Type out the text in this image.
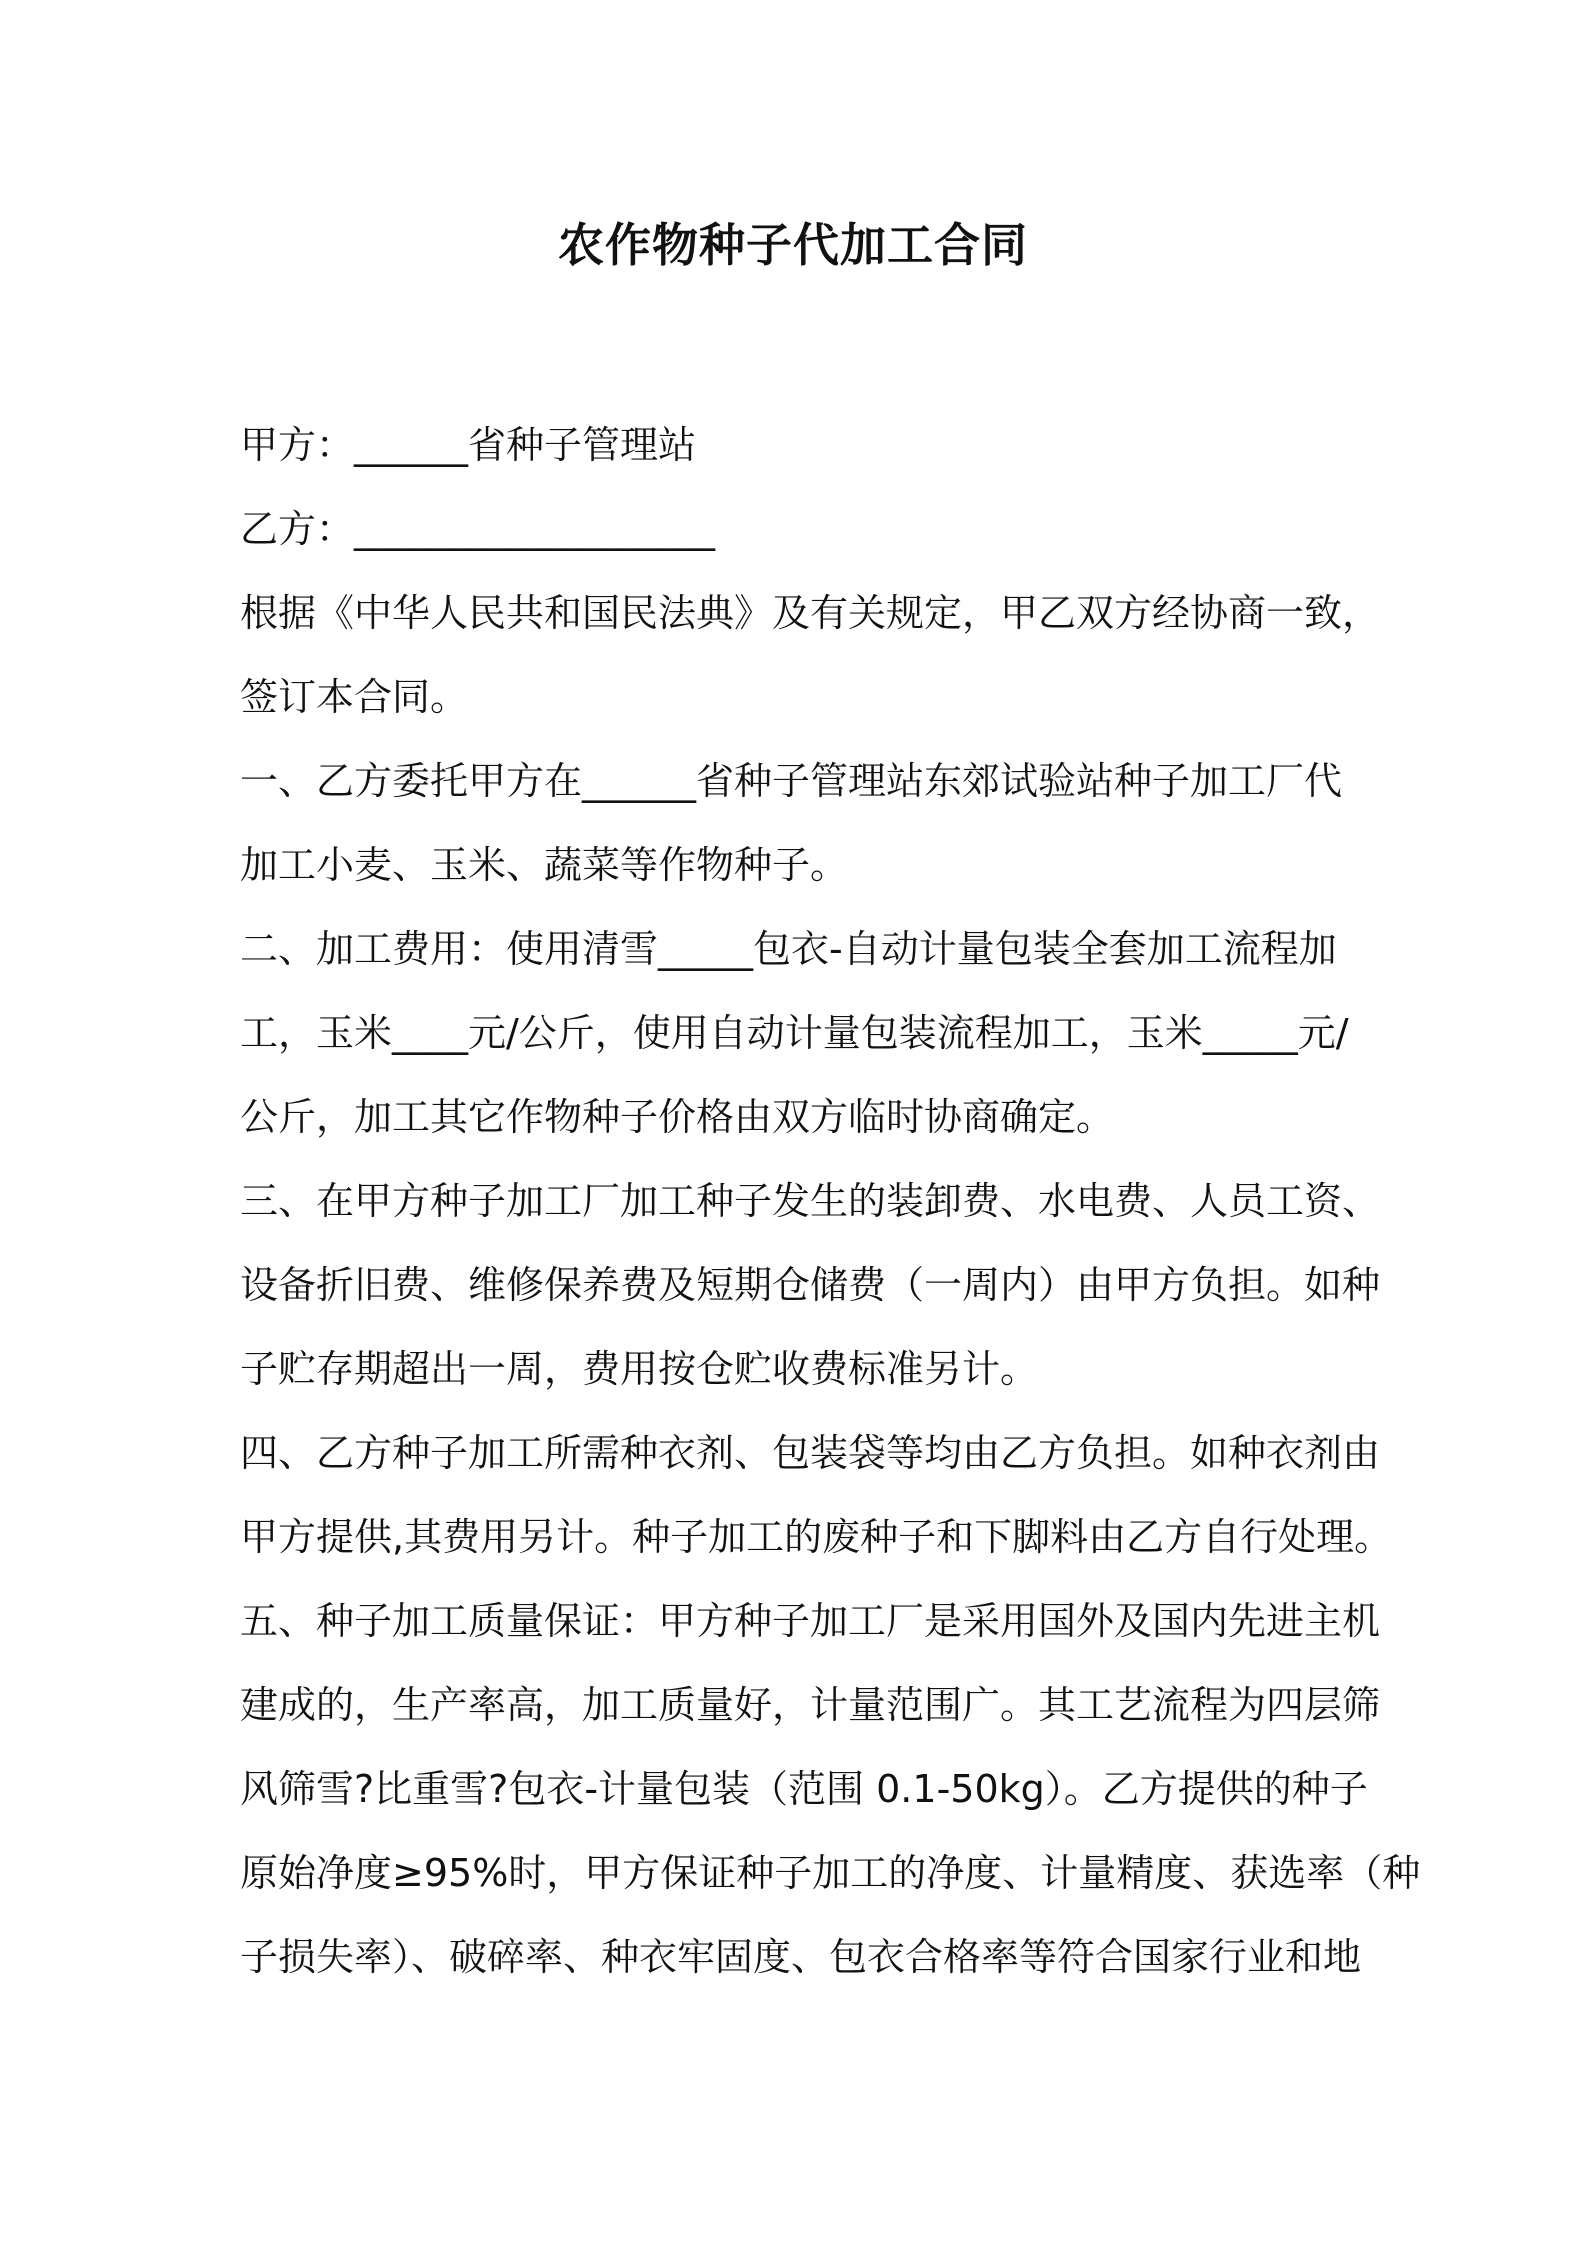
农作物种子代加工合同
甲方：______省种子管理站
乙方：___________________
根据《中华人民共和国民法典》及有关规定，甲乙双方经协商一致，
签订本合同。
一、乙方委托甲方在______省种子管理站东郊试验站种子加工厂代
加工小麦、玉米、蔬菜等作物种子。
二、加工费用：使用清雪_____包衣-自动计量包装全套加工流程加
工，玉米____元/公斤，使用自动计量包装流程加工，玉米_____元/
公斤，加工其它作物种子价格由双方临时协商确定。
三、在甲方种子加工厂加工种子发生的装卸费、水电费、人员工资、
设备折旧费、维修保养费及短期仓储费（一周内）由甲方负担。如种
子贮存期超出一周，费用按仓贮收费标准另计。
四、乙方种子加工所需种衣剂、包装袋等均由乙方负担。如种衣剂由
甲方提供,其费用另计。种子加工的废种子和下脚料由乙方自行处理。
五、种子加工质量保证：甲方种子加工厂是采用国外及国内先进主机
建成的，生产率高，加工质量好，计量范围广。其工艺流程为四层筛
风筛雪?比重雪?包衣-计量包装（范围 0.1-50kg）。乙方提供的种子
原始净度≥95%时，甲方保证种子加工的净度、计量精度、获选率（种
子损失率）、破碎率、种衣牢固度、包衣合格率等符合国家行业和地
